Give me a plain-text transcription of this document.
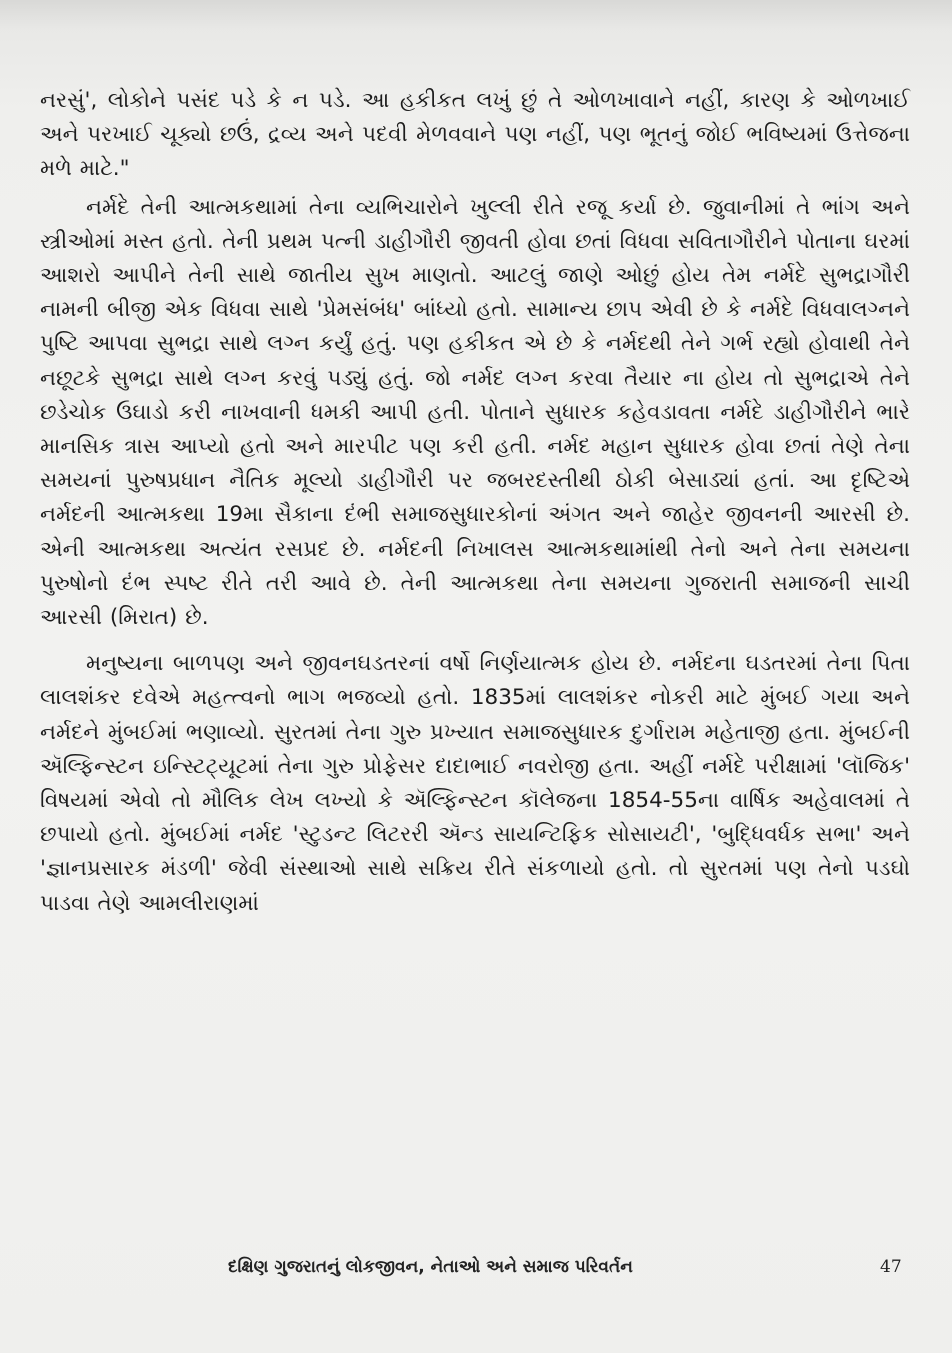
નરસું', લોકોને પસંદ પડે કે ન પડે. આ હકીકત લખું છું તે ઓળખાવાને નહીં, કારણ કે ઓળખાઈ અને પરખાઈ ચૂક્યો છઉં, દ્રવ્ય અને પદવી મેળવવાને પણ નહીં, પણ ભૂતનું જોઈ ભવિષ્યમાં ઉત્તેજના મળે માટે."

નર્મદે તેની આત્મકથામાં તેના વ્યભિચારોને ખુલ્લી રીતે રજૂ કર્યા છે. જુવાનીમાં તે ભાંગ અને સ્ત્રીઓમાં મસ્ત હતો. તેની પ્રથમ પત્ની ડાહીગૌરી જીવતી હોવા છતાં વિધવા સવિતાગૌરીને પોતાના ઘરમાં આશરો આપીને તેની સાથે જાતીય સુખ માણતો. આટલું જાણે ઓછું હોય તેમ નર્મદે સુભદ્રાગૌરી નામની બીજી એક વિધવા સાથે 'પ્રેમસંબંધ' બાંધ્યો હતો. સામાન્ય છાપ એવી છે કે નર્મદે વિધવાલગ્નને પુષ્ટિ આપવા સુભદ્રા સાથે લગ્ન કર્યું હતું. પણ હકીકત એ છે કે નર્મદથી તેને ગર્ભ રહ્યો હોવાથી તેને નછૂટકે સુભદ્રા સાથે લગ્ન કરવું પડ્યું હતું. જો નર્મદ લગ્ન કરવા તૈયાર ના હોય તો સુભદ્રાએ તેને છડેચોક ઉઘાડો કરી નાખવાની ધમકી આપી હતી. પોતાને સુધારક કહેવડાવતા નર્મદે ડાહીગૌરીને ભારે માનસિક ત્રાસ આપ્યો હતો અને મારપીટ પણ કરી હતી. નર્મદ મહાન સુધારક હોવા છતાં તેણે તેના સમયનાં પુરુષપ્રધાન નૈતિક મૂલ્યો ડાહીગૌરી પર જબરદસ્તીથી ઠોકી બેસાડ્યાં હતાં. આ દૃષ્ટિએ નર્મદની આત્મકથા 19મા સૈકાના દંભી સમાજસુધારકોનાં અંગત અને જાહેર જીવનની આરસી છે. એની આત્મકથા અત્યંત રસપ્રદ છે. નર્મદની નિખાલસ આત્મકથામાંથી તેનો અને તેના સમયના પુરુષોનો દંભ સ્પષ્ટ રીતે તરી આવે છે. તેની આત્મકથા તેના સમયના ગુજરાતી સમાજની સાચી આરસી (મિરાત) છે.

મનુષ્યના બાળપણ અને જીવનઘડતરનાં વર્ષો નિર્ણયાત્મક હોય છે. નર્મદના ઘડતરમાં તેના પિતા લાલશંકર દવેએ મહત્ત્વનો ભાગ ભજવ્યો હતો. 1835માં લાલશંકર નોકરી માટે મુંબઈ ગયા અને નર્મદને મુંબઈમાં ભણાવ્યો. સુરતમાં તેના ગુરુ પ્રખ્યાત સમાજસુધારક દુર્ગારામ મહેતાજી હતા. મુંબઈની ઍલ્ફિન્સ્ટન ઇન્સ્ટિટ્યૂટમાં તેના ગુરુ પ્રોફેસર દાદાભાઈ નવરોજી હતા. અહીં નર્મદે પરીક્ષામાં 'લૉજિક' વિષયમાં એવો તો મૌલિક લેખ લખ્યો કે ઍલ્ફિન્સ્ટન કૉલેજના 1854-55ના વાર્ષિક અહેવાલમાં તે છપાયો હતો. મુંબઈમાં નર્મદ 'સ્ટુડન્ટ લિટરરી ઍન્ડ સાયન્ટિફિક સોસાયટી', 'બુદ્ધિવર્ધક સભા' અને 'જ્ઞાનપ્રસારક મંડળી' જેવી સંસ્થાઓ સાથે સક્રિય રીતે સંકળાયો હતો. તો સુરતમાં પણ તેનો પડઘો પાડવા તેણે આમલીરાણમાં

દક્ષિણ ગુજરાતનું લોકજીવન, નેતાઓ અને સમાજ પરિવર્તન	47
